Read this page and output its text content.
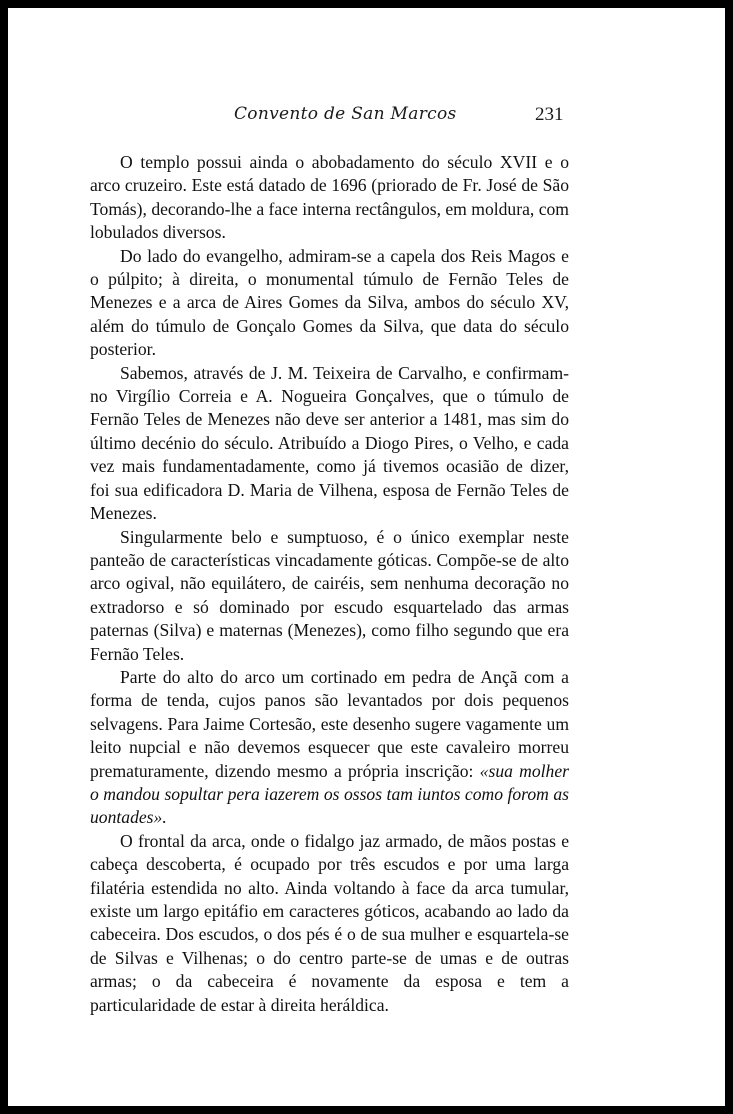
Convento de San Marcos	231

O templo possui ainda o abobadamento do século XVII e o arco cruzeiro. Este está datado de 1696 (priorado de Fr. José de São Tomás), decorando-lhe a face interna rectângulos, em moldura, com lobulados diversos.

Do lado do evangelho, admiram-se a capela dos Reis Magos e o púlpito; à direita, o monumental túmulo de Fernão Teles de Menezes e a arca de Aires Gomes da Silva, ambos do século XV, além do túmulo de Gonçalo Gomes da Silva, que data do século posterior.

Sabemos, através de J. M. Teixeira de Carvalho, e confirmam-no Virgílio Correia e A. Nogueira Gonçalves, que o túmulo de Fernão Teles de Menezes não deve ser anterior a 1481, mas sim do último decénio do século. Atribuído a Diogo Pires, o Velho, e cada vez mais fundamentadamente, como já tivemos ocasião de dizer, foi sua edificadora D. Maria de Vilhena, esposa de Fernão Teles de Menezes.

Singularmente belo e sumptuoso, é o único exemplar neste panteão de características vincadamente góticas. Compõe-se de alto arco ogival, não equilátero, de cairéis, sem nenhuma decoração no extradorso e só dominado por escudo esquartelado das armas paternas (Silva) e maternas (Menezes), como filho segundo que era Fernão Teles.

Parte do alto do arco um cortinado em pedra de Ançã com a forma de tenda, cujos panos são levantados por dois pequenos selvagens. Para Jaime Cortesão, este desenho sugere vagamente um leito nupcial e não devemos esquecer que este cavaleiro morreu prematuramente, dizendo mesmo a própria inscrição: «sua molher o mandou sopultar pera iazerem os ossos tam iuntos como forom as uontades».

O frontal da arca, onde o fidalgo jaz armado, de mãos postas e cabeça descoberta, é ocupado por três escudos e por uma larga filatéria estendida no alto. Ainda voltando à face da arca tumular, existe um largo epitáfio em caracteres góticos, acabando ao lado da cabeceira. Dos escudos, o dos pés é o de sua mulher e esquartela-se de Silvas e Vilhenas; o do centro parte-se de umas e de outras armas; o da cabeceira é novamente da esposa e tem a particularidade de estar à direita heráldica.
